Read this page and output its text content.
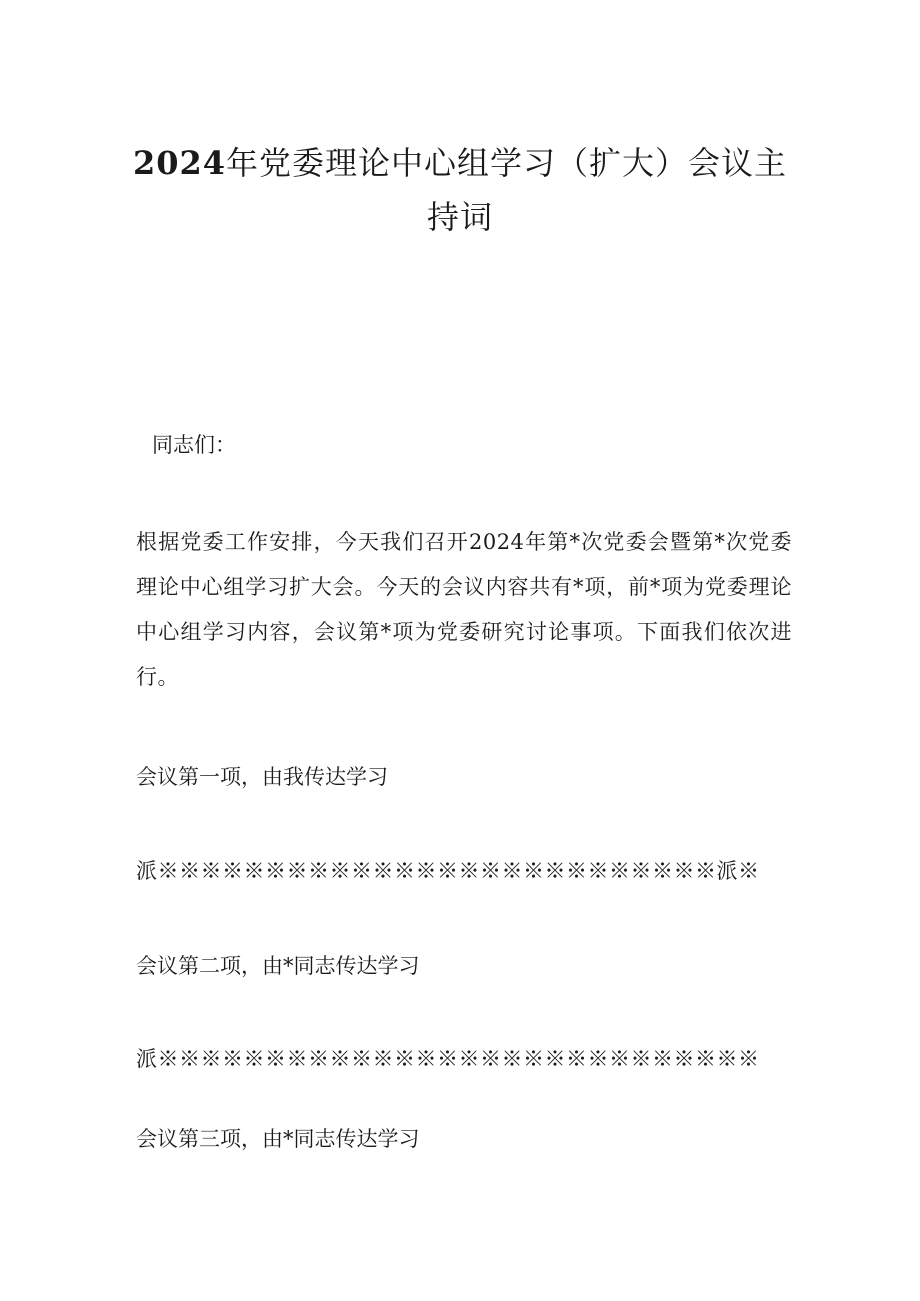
2024年党委理论中心组学习（扩大）会议主持词

同志们：

根据党委工作安排，今天我们召开2024年第*次党委会暨第*次党委理论中心组学习扩大会。今天的会议内容共有*项，前*项为党委理论中心组学习内容，会议第*项为党委研究讨论事项。下面我们依次进行。

会议第一项，由我传达学习

派※※※※※※※※※※※※※※※※※※※※※※※※※※派※

会议第二项，由*同志传达学习

派※※※※※※※※※※※※※※※※※※※※※※※※※※※※

会议第三项，由*同志传达学习
